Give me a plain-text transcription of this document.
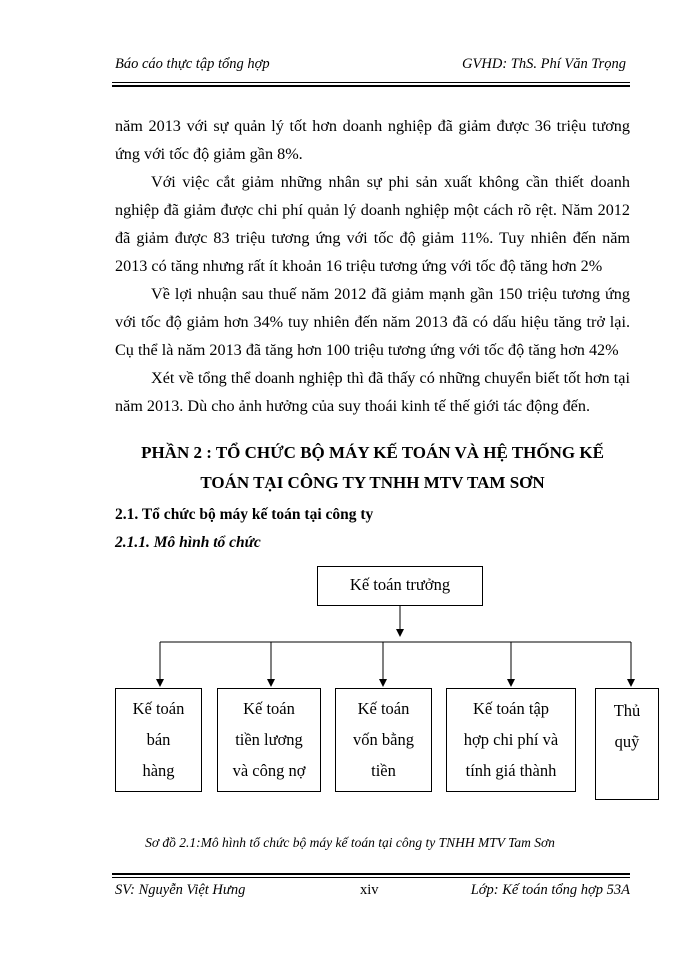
Báo cáo thực tập tổng hợp	GVHD: ThS. Phí Văn Trọng

năm 2013 với sự quản lý tốt hơn doanh nghiệp đã giảm được 36 triệu tương ứng với tốc độ giảm gần 8%.

Với việc cắt giảm những nhân sự phi sản xuất không cần thiết doanh nghiệp đã giảm được chi phí quản lý doanh nghiệp một cách rõ rệt. Năm 2012 đã giảm được 83 triệu tương ứng với tốc độ giảm 11%. Tuy nhiên đến năm 2013 có tăng nhưng rất ít khoản 16 triệu tương ứng với tốc độ tăng hơn 2%

Về lợi nhuận sau thuế năm 2012 đã giảm mạnh gần 150 triệu tương ứng với tốc độ giảm hơn 34% tuy nhiên đến năm 2013 đã có dấu hiệu tăng trở lại. Cụ thể là năm 2013 đã tăng hơn 100 triệu tương ứng với tốc độ tăng hơn 42%

Xét về tổng thể doanh nghiệp thì đã thấy có những chuyển biết tốt hơn tại năm 2013. Dù cho ảnh hưởng của suy thoái kinh tế thế giới tác động đến.

PHẦN 2 : TỔ CHỨC BỘ MÁY KẾ TOÁN VÀ HỆ THỐNG KẾ
TOÁN TẠI CÔNG TY TNHH MTV TAM SƠN
2.1. Tổ chức bộ máy kế toán tại công ty
2.1.1. Mô hình tổ chức
Kế toán trưởng
Kế toán
bán
hàng
Kế toán
tiền lương
và công nợ
Kế toán
vốn bằng
tiền
Kế toán tập
hợp chi phí và
tính giá thành
Thủ
quỹ
Sơ đồ 2.1:Mô hình tổ chức bộ máy kế toán tại công ty TNHH MTV Tam Sơn
SV: Nguyễn Việt Hưng	xiv	Lớp: Kế toán tổng hợp 53A
